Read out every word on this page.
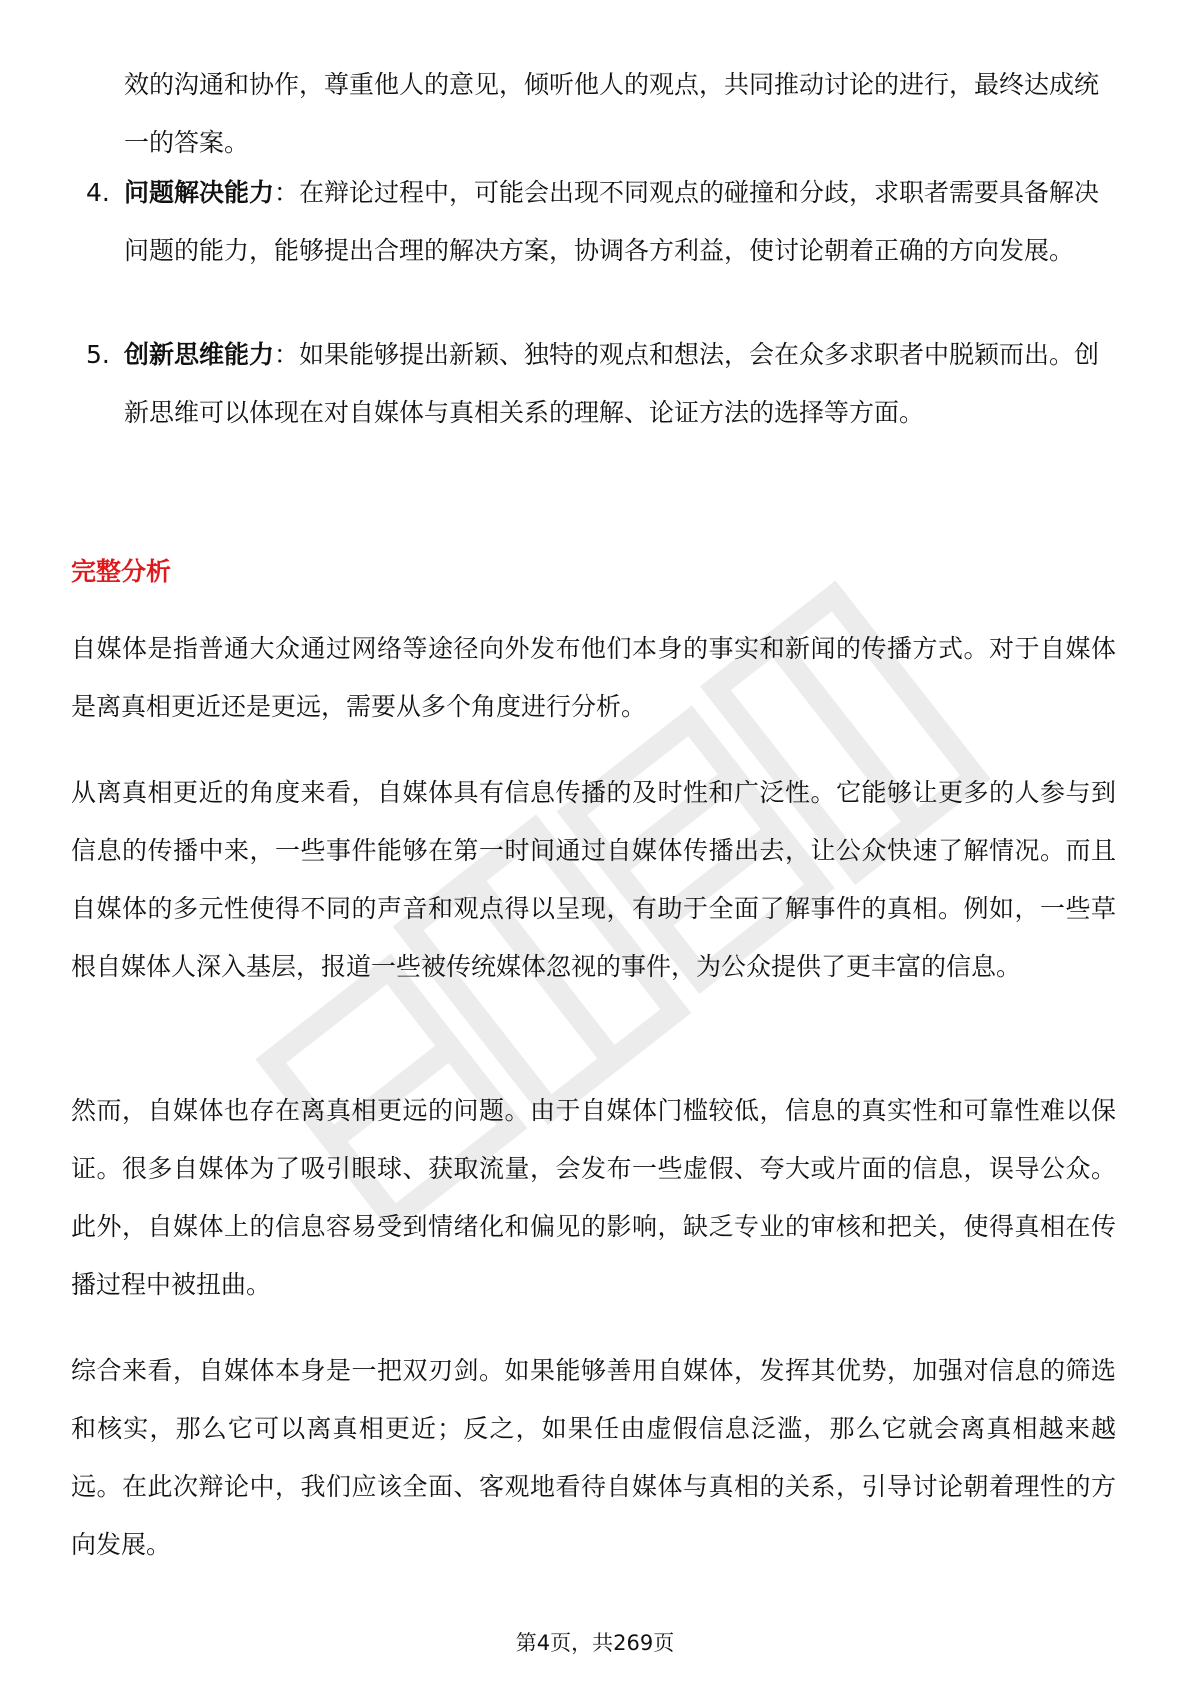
效的沟通和协作，尊重他人的意见，倾听他人的观点，共同推动讨论的进行，最终达成统一的答案。

4. 问题解决能力：在辩论过程中，可能会出现不同观点的碰撞和分歧，求职者需要具备解决问题的能力，能够提出合理的解决方案，协调各方利益，使讨论朝着正确的方向发展。

5. 创新思维能力：如果能够提出新颖、独特的观点和想法，会在众多求职者中脱颖而出。创新思维可以体现在对自媒体与真相关系的理解、论证方法的选择等方面。

完整分析

自媒体是指普通大众通过网络等途径向外发布他们本身的事实和新闻的传播方式。对于自媒体是离真相更近还是更远，需要从多个角度进行分析。

从离真相更近的角度来看，自媒体具有信息传播的及时性和广泛性。它能够让更多的人参与到信息的传播中来，一些事件能够在第一时间通过自媒体传播出去，让公众快速了解情况。而且自媒体的多元性使得不同的声音和观点得以呈现，有助于全面了解事件的真相。例如，一些草根自媒体人深入基层，报道一些被传统媒体忽视的事件，为公众提供了更丰富的信息。

然而，自媒体也存在离真相更远的问题。由于自媒体门槛较低，信息的真实性和可靠性难以保证。很多自媒体为了吸引眼球、获取流量，会发布一些虚假、夸大或片面的信息，误导公众。此外，自媒体上的信息容易受到情绪化和偏见的影响，缺乏专业的审核和把关，使得真相在传播过程中被扭曲。

综合来看，自媒体本身是一把双刃剑。如果能够善用自媒体，发挥其优势，加强对信息的筛选和核实，那么它可以离真相更近；反之，如果任由虚假信息泛滥，那么它就会离真相越来越远。在此次辩论中，我们应该全面、客观地看待自媒体与真相的关系，引导讨论朝着理性的方向发展。

第4页，共269页
